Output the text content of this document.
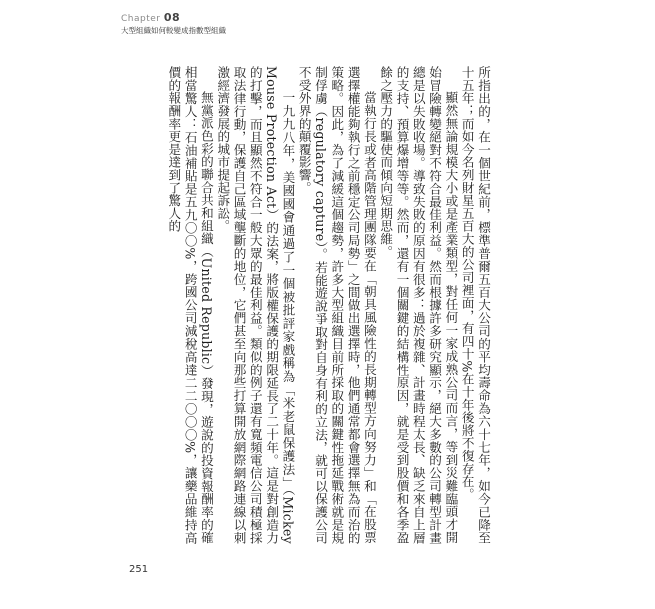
Chapter 08
大型組織如何較變成指數型組織

所指出的，在一個世紀前，標準普爾五百大公司的平均壽命為六十七年，如今已降至十五年；而如今名列財星五百大的公司裡面，有四十%在十年後將不復存在。

顯然無論規模大小或是產業類型，對任何一家成熟公司而言，等到災難臨頭才開始冒險轉變絕對不符合最佳利益。然而根據許多研究顯示，絕大多數的公司轉型計畫總是以失敗收場。導致失敗的原因有很多：過於複雜、計畫時程太長、缺乏來自上層的支持、預算爆增等等。然而，還有一個關鍵的結構性原因，就是受到股價和各季盈餘之壓力的驅使而傾向短期思維。

當執行長或者高階管理團隊要在「朝具風險性的長期轉型方向努力」和「在股票選擇權能夠執行之前穩定公司局勢」之間做出選擇時，他們通常都會選擇無為而治的策略。因此，為了減緩這個趨勢，許多大型組織目前所採取的關鍵性拖延戰術就是規制俘虜（regulatory capture）。若能遊說爭取對自身有利的立法，就可以保護公司不受外界的顛覆影響。

一九九八年，美國國會通過了一個被批評家戲稱為「米老鼠保護法」（Mickey Mouse Protection Act）的法案，將版權保護的期限延長了二十年。這是對創造力的打擊，而且顯然不符合一般大眾的最佳利益。類似的例子還有寬頻電信公司積極採取法律行動，保護自己區域壟斷的地位，它們甚至向那些打算開放網際網路連線以刺激經濟發展的城市提起訴訟。

無黨派色彩的聯合共和組織（United Republic）發現，遊說的投資報酬率的確相當驚人：石油補貼是五九〇〇%，跨國公司減稅高達二二〇〇〇%，讓藥品維持高價的報酬率更是達到了驚人的

251
